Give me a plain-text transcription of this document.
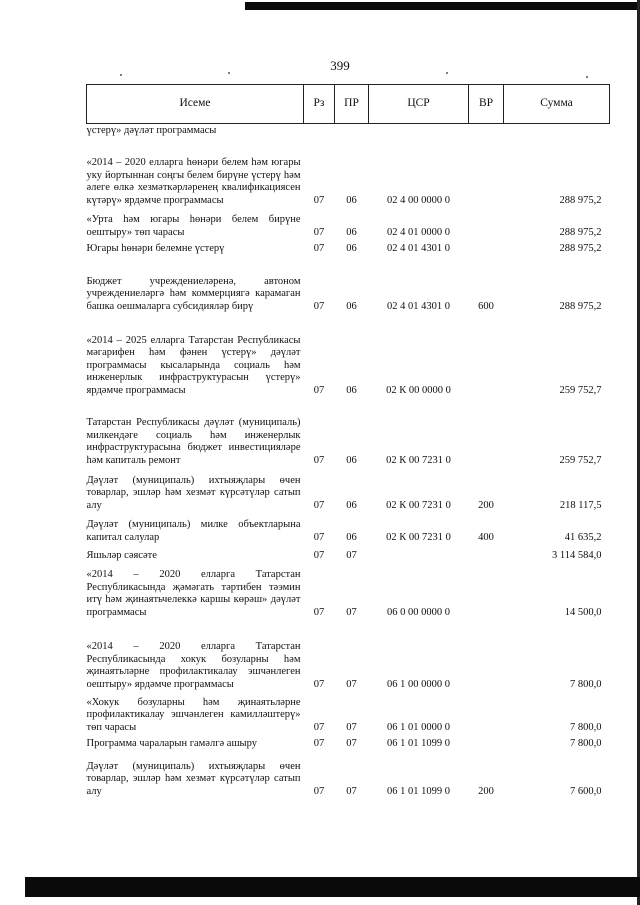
399
Исеме	Рз	ПР	ЦСР	ВР	Сумма
үстерү» дәүләт программасы					
«2014 – 2020 елларга һөнәри белем һәм югары уку йортыннан соңгы белем бирүне үстерү һәм әлеге өлкә хезмәткәрләренең квалификациясен күтәрү» ярдәмче программасы	07	06	02 4 00 0000 0		288 975,2
«Урта һәм югары һөнәри белем бирүне оештыру» төп чарасы	07	06	02 4 01 0000 0		288 975,2
Югары һөнәри белемне үстерү	07	06	02 4 01 4301 0		288 975,2
Бюджет учреждениеләренә, автоном учреждениеләргә һәм коммерциягә карамаган башка оешмаларга субсидияләр бирү	07	06	02 4 01 4301 0	600	288 975,2
«2014 – 2025 елларга Татарстан Республикасы мәгарифен һәм фәнен үстерү» дәүләт программасы кысаларында социаль һәм инженерлык инфраструктурасын үстерү» ярдәмче программасы	07	06	02 К 00 0000 0		259 752,7
Татарстан Республикасы дәүләт (муниципаль) милкендәге социаль һәм инженерлык инфраструктурасына бюджет инвестицияләре һәм капиталь ремонт	07	06	02 К 00 7231 0		259 752,7
Дәүләт (муниципаль) ихтыяҗлары өчен товарлар, эшләр һәм хезмәт күрсәтүләр сатып алу	07	06	02 К 00 7231 0	200	218 117,5
Дәүләт (муниципаль) милке объектларына капитал салулар	07	06	02 К 00 7231 0	400	41 635,2
Яшьләр сәясәте	07	07			3 114 584,0
«2014 – 2020 елларга Татарстан Республикасында җәмәгать тәртибен тәэмин итү һәм җинаятьчелеккә каршы көрәш» дәүләт программасы	07	07	06 0 00 0000 0		14 500,0
«2014 – 2020 елларга Татарстан Республикасында хокук бозуларны һәм җинаятьләрне профилактикалау эшчәнлеген оештыру» ярдәмче программасы	07	07	06 1 00 0000 0		7 800,0
«Хокук бозуларны һәм җинаятьләрне профилактикалау эшчәнлеген камилләштерү» төп чарасы	07	07	06 1 01 0000 0		7 800,0
Программа чараларын гамәлгә ашыру	07	07	06 1 01 1099 0		7 800,0
Дәүләт (муниципаль) ихтыяҗлары өчен товарлар, эшләр һәм хезмәт күрсәтүләр сатып алу	07	07	06 1 01 1099 0	200	7 600,0
